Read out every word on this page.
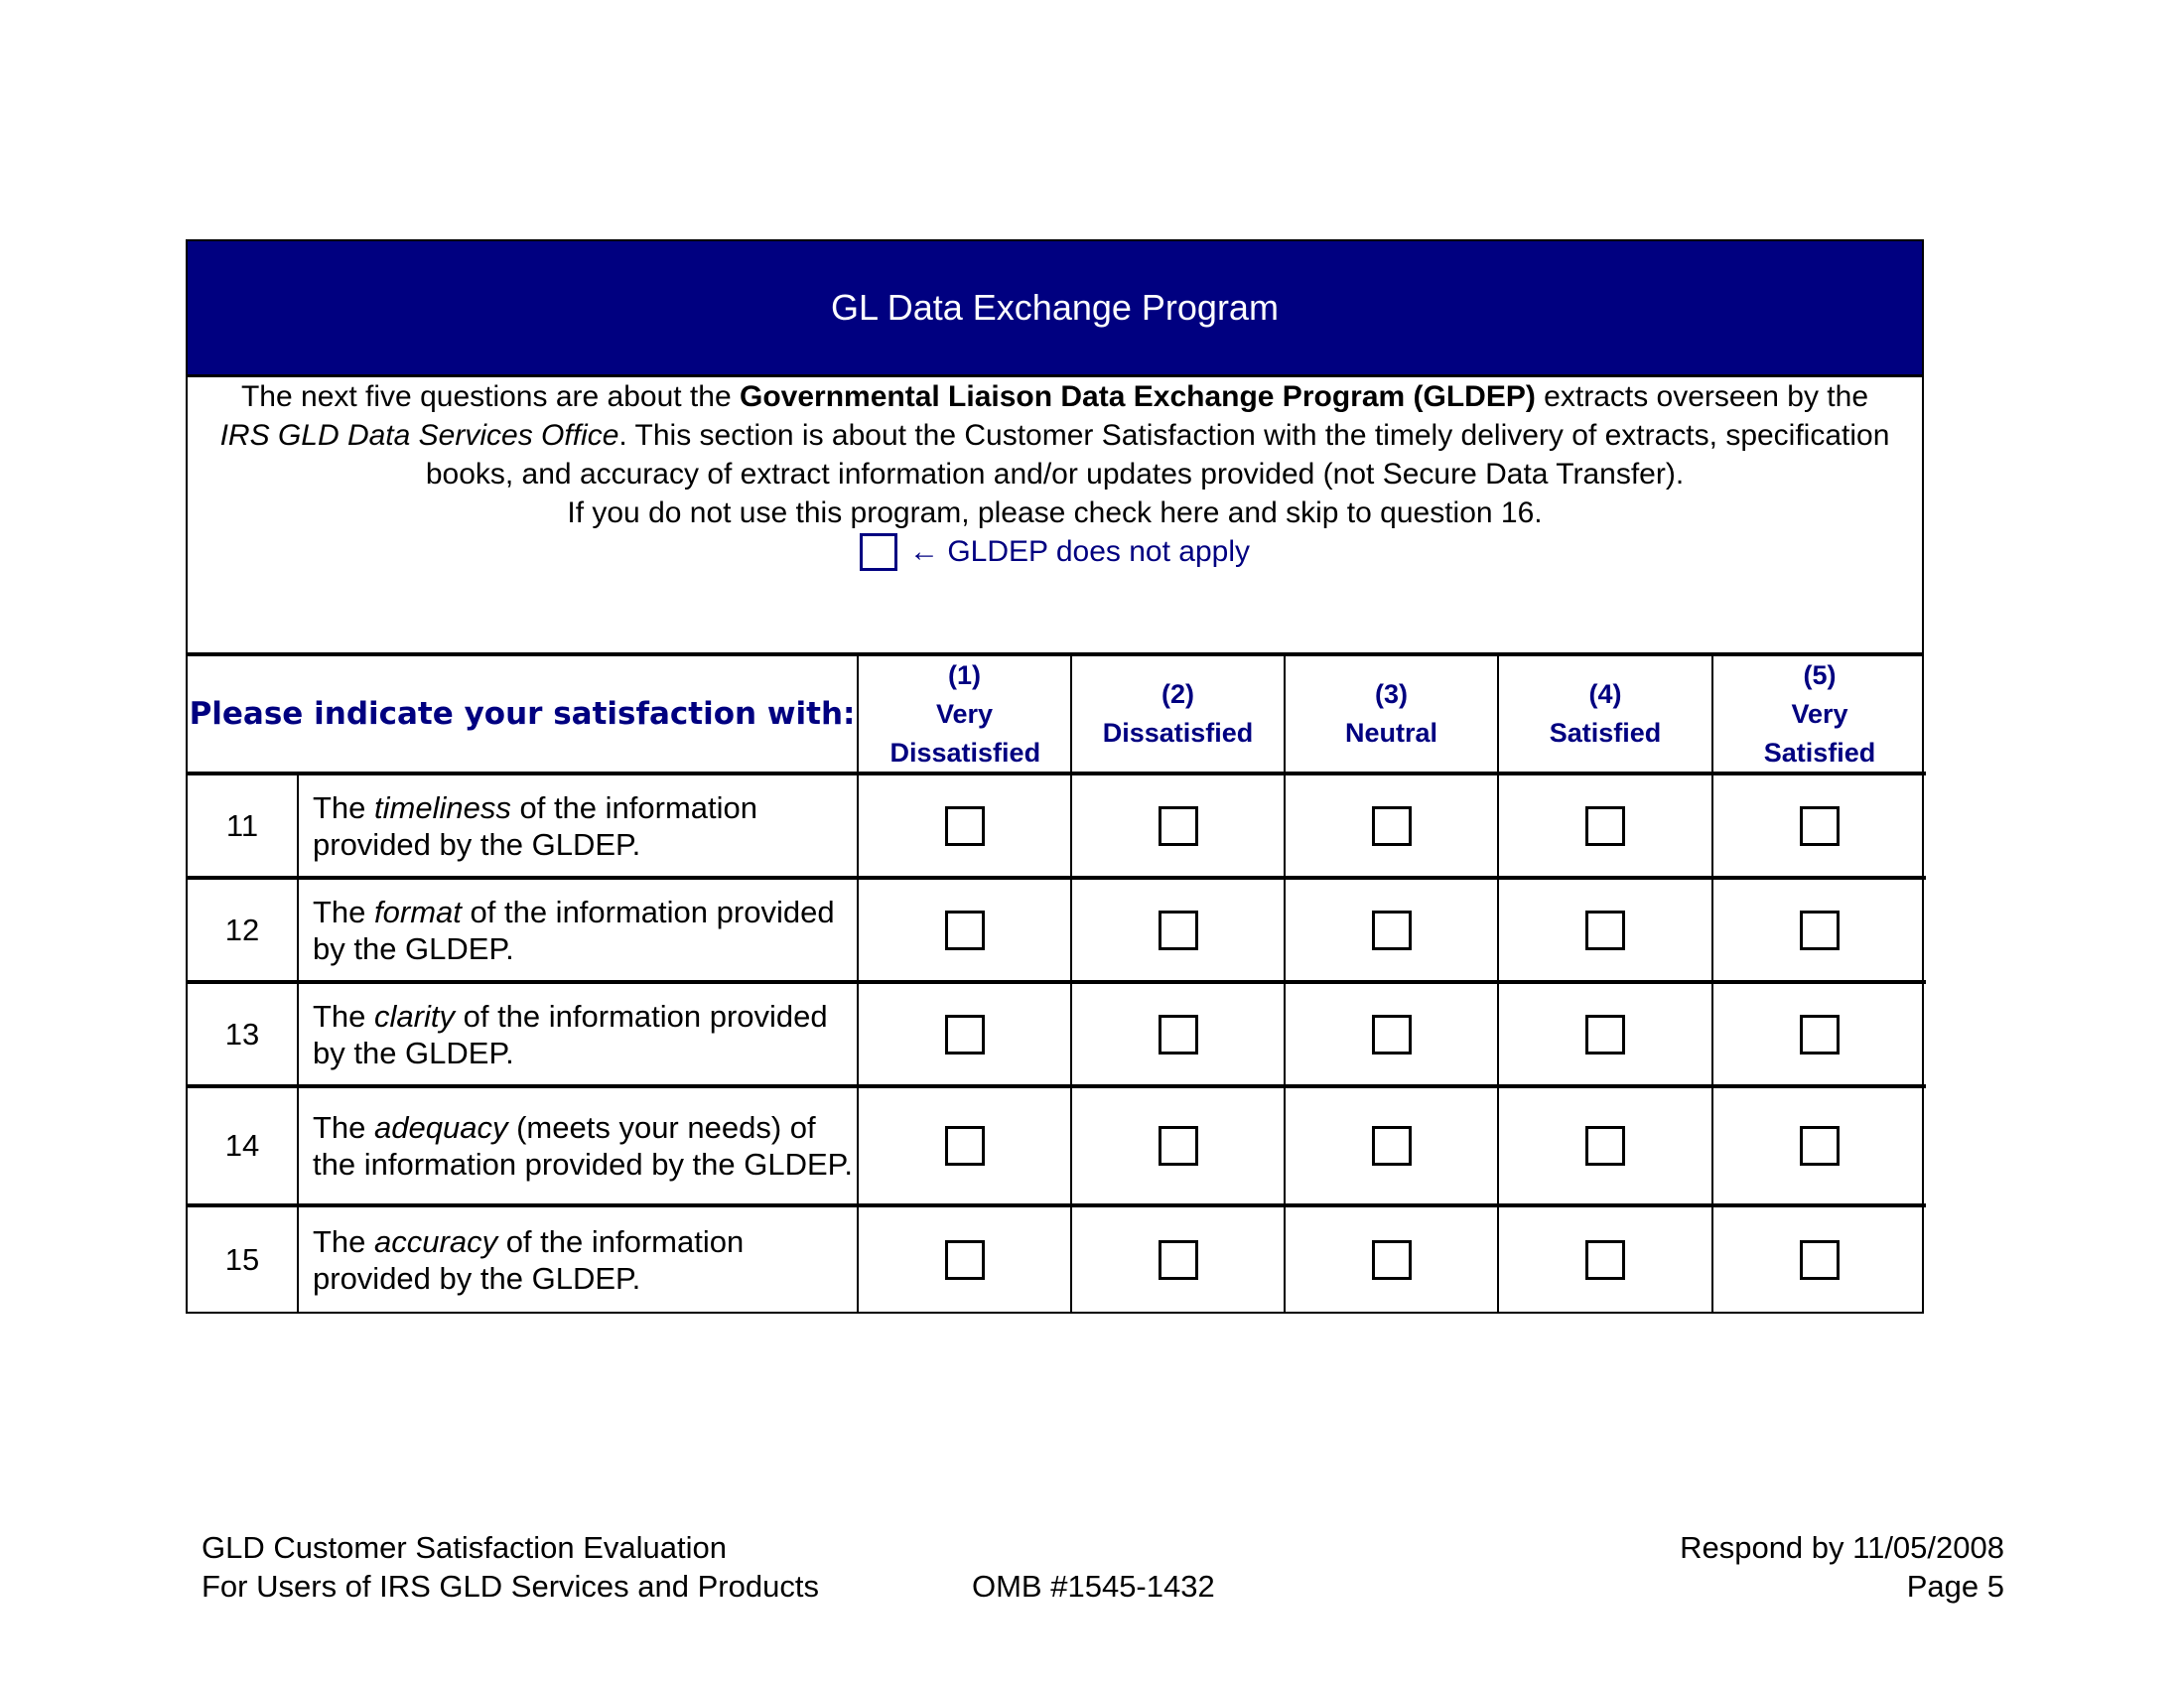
GL Data Exchange Program

The next five questions are about the Governmental Liaison Data Exchange Program (GLDEP) extracts overseen by the IRS GLD Data Services Office. This section is about the Customer Satisfaction with the timely delivery of extracts, specification books, and accuracy of extract information and/or updates provided (not Secure Data Transfer).

If you do not use this program, please check here and skip to question 16.

← GLDEP does not apply
Please indicate your satisfaction with:
(1)
Very Dissatisfied
(2)
Dissatisfied
(3)
Neutral
(4)
Satisfied
(5)
Very Satisfied
11
The timeliness of the information provided by the GLDEP.
12
The format of the information provided by the GLDEP.
13
The clarity of the information provided by the GLDEP.
14
The adequacy (meets your needs) of the information provided by the GLDEP.
15
The accuracy of the information provided by the GLDEP.
GLD Customer Satisfaction Evaluation
For Users of IRS GLD Services and Products	OMB #1545-1432
Respond by 11/05/2008
Page 5
